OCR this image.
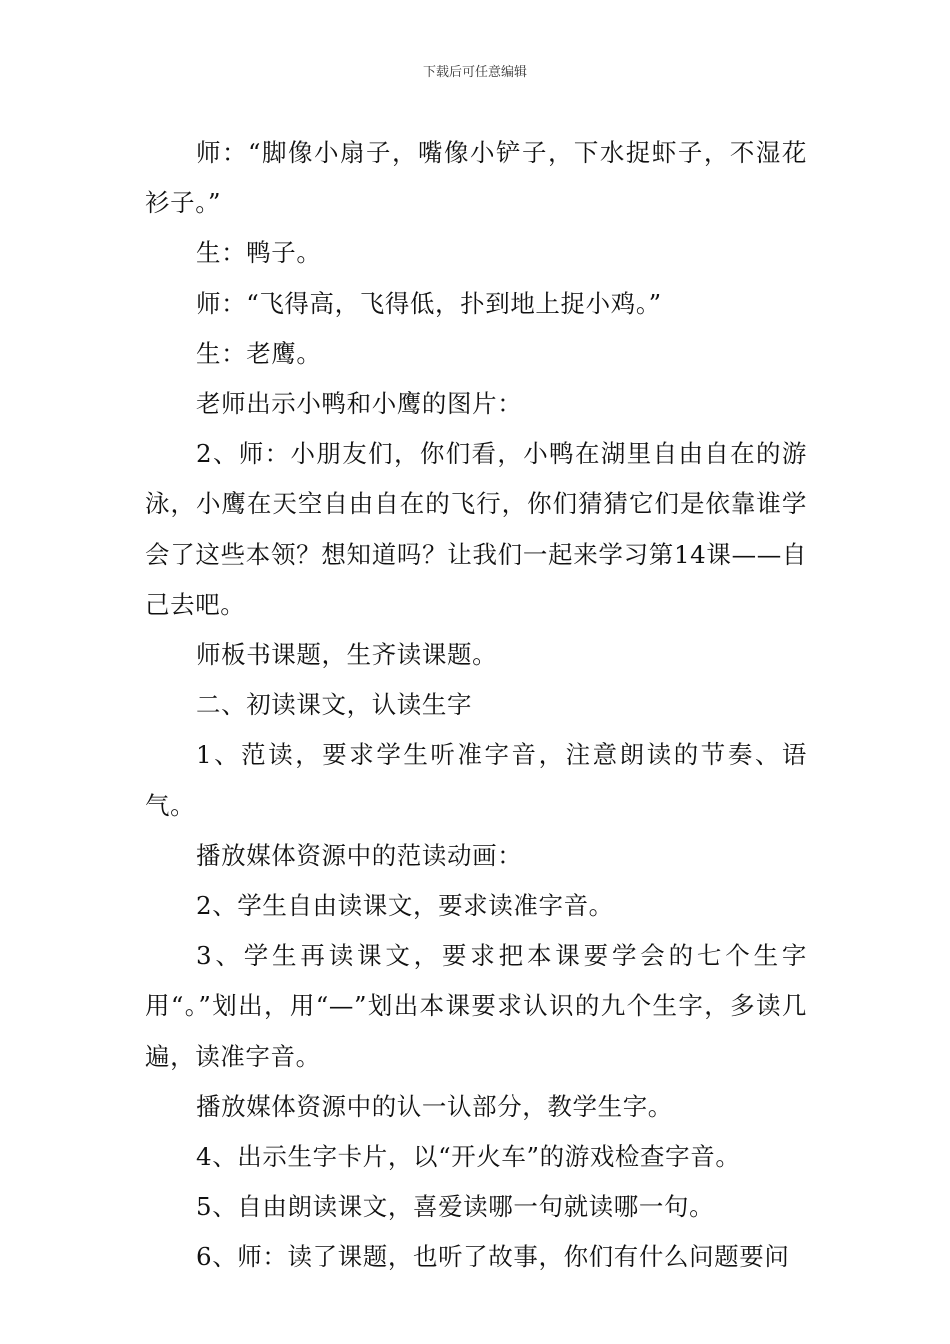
下载后可任意编辑

师：“脚像小扇子，嘴像小铲子，下水捉虾子，不湿花衫子。”

生：鸭子。

师：“飞得高，飞得低，扑到地上捉小鸡。”

生：老鹰。

老师出示小鸭和小鹰的图片：

2、师：小朋友们，你们看，小鸭在湖里自由自在的游泳，小鹰在天空自由自在的飞行，你们猜猜它们是依靠谁学会了这些本领？想知道吗？让我们一起来学习第14课——自己去吧。

师板书课题，生齐读课题。

二、初读课文，认读生字

1、范读，要求学生听准字音，注意朗读的节奏、语气。

播放媒体资源中的范读动画：

2、学生自由读课文，要求读准字音。

3、学生再读课文，要求把本课要学会的七个生字用“。”划出，用“—”划出本课要求认识的九个生字，多读几遍，读准字音。

播放媒体资源中的认一认部分，教学生字。

4、出示生字卡片，以“开火车”的游戏检查字音。

5、自由朗读课文，喜爱读哪一句就读哪一句。

6、师：读了课题，也听了故事，你们有什么问题要问
